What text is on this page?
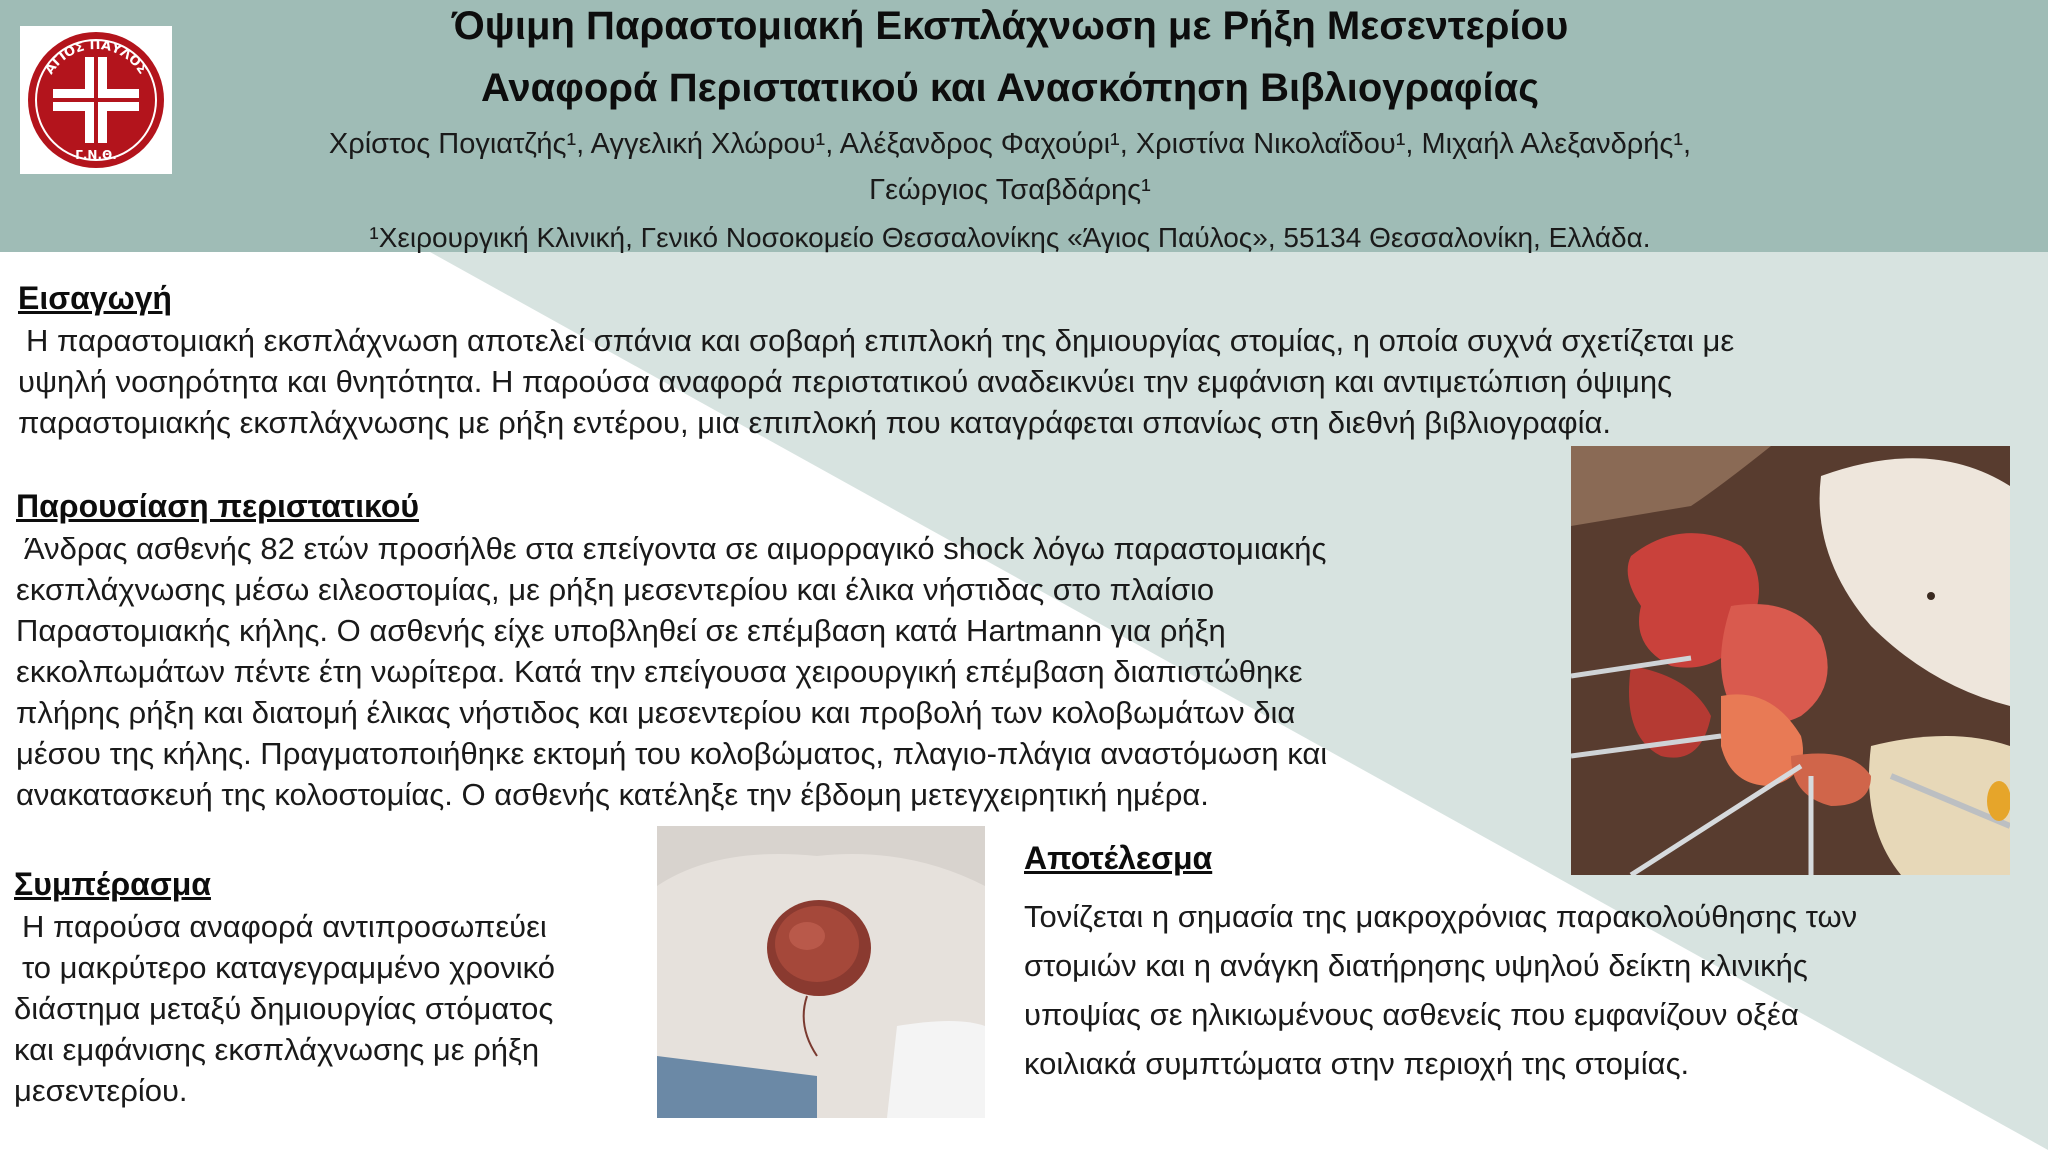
ΑΓΙΟΣ ΠΑΥΛΟΣ
Γ.Ν.Θ.
Όψιμη Παραστομιακή Εκσπλάχνωση με Ρήξη Μεσεντερίου
Αναφορά Περιστατικού και Ανασκόπηση Βιβλιογραφίας
Χρίστος Πογιατζής¹, Αγγελική Χλώρου¹, Αλέξανδρος Φαχούρι¹, Χριστίνα Νικολαΐδου¹, Μιχαήλ Αλεξανδρής¹,
Γεώργιος Τσαβδάρης¹
¹Χειρουργική Κλινική, Γενικό Νοσοκομείο Θεσσαλονίκης «Άγιος Παύλος», 55134 Θεσσαλονίκη, Ελλάδα.
Εισαγωγή
Η παραστομιακή εκσπλάχνωση αποτελεί σπάνια και σοβαρή επιπλοκή της δημιουργίας στομίας, η οποία συχνά σχετίζεται με
υψηλή νοσηρότητα και θνητότητα. Η παρούσα αναφορά περιστατικού αναδεικνύει την εμφάνιση και αντιμετώπιση όψιμης
παραστομιακής εκσπλάχνωσης με ρήξη εντέρου, μια επιπλοκή που καταγράφεται σπανίως στη διεθνή βιβλιογραφία.
Παρουσίαση περιστατικού
Άνδρας ασθενής 82 ετών προσήλθε στα επείγοντα σε αιμορραγικό shock λόγω παραστομιακής
εκσπλάχνωσης μέσω ειλεοστομίας, με ρήξη μεσεντερίου και έλικα νήστιδας στο πλαίσιο
Παραστομιακής κήλης. Ο ασθενής είχε υποβληθεί σε επέμβαση κατά Hartmann για ρήξη
εκκολπωμάτων πέντε έτη νωρίτερα. Κατά την επείγουσα χειρουργική επέμβαση διαπιστώθηκε
πλήρης ρήξη και διατομή έλικας νήστιδος και μεσεντερίου και προβολή των κολοβωμάτων δια
μέσου της κήλης. Πραγματοποιήθηκε εκτομή του κολοβώματος, πλαγιο-πλάγια αναστόμωση και
ανακατασκευή της κολοστομίας. Ο ασθενής κατέληξε την έβδομη μετεγχειρητική ημέρα.
Συμπέρασμα
Η παρούσα αναφορά αντιπροσωπεύει
το μακρύτερο καταγεγραμμένο χρονικό
διάστημα μεταξύ δημιουργίας στόματος
και εμφάνισης εκσπλάχνωσης με ρήξη
μεσεντερίου.
Αποτέλεσμα
Τονίζεται η σημασία της μακροχρόνιας παρακολούθησης των
στομιών και η ανάγκη διατήρησης υψηλού δείκτη κλινικής
υποψίας σε ηλικιωμένους ασθενείς που εμφανίζουν οξέα
κοιλιακά συμπτώματα στην περιοχή της στομίας.
